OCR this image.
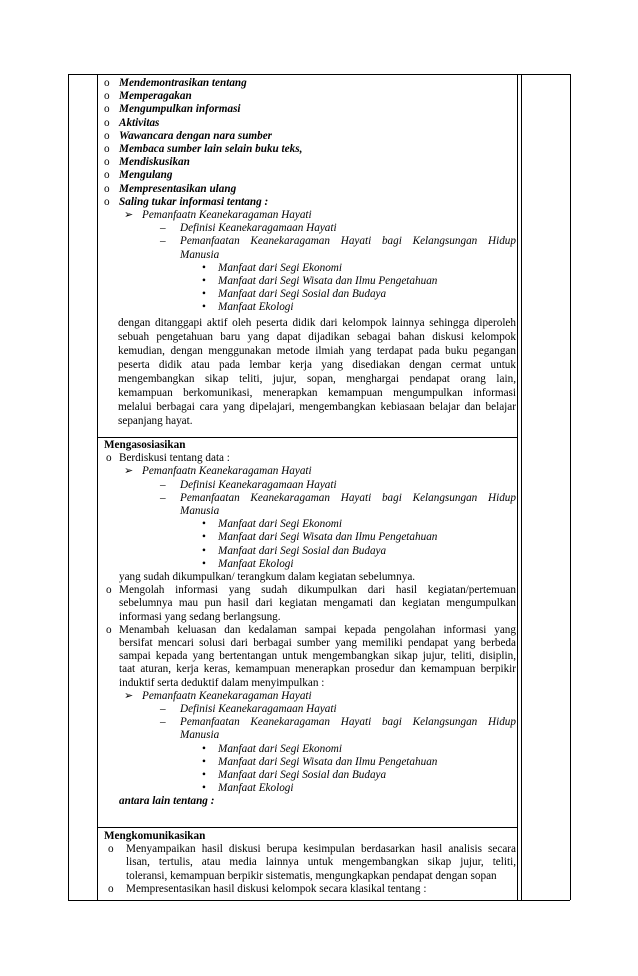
o Mendemontrasikan tentang
o Memperagakan
o Mengumpulkan informasi
o Aktivitas
o Wawancara dengan nara sumber
o Membaca sumber lain selain buku teks,
o Mendiskusikan
o Mengulang
o Mempresentasikan ulang
o Saling tukar informasi tentang :
➢ Pemanfaatn Keanekaragaman Hayati
– Definisi Keanekaragamaan Hayati
– Pemanfaatan Keanekaragaman Hayati bagi Kelangsungan Hidup
Manusia
• Manfaat dari Segi Ekonomi
• Manfaat dari Segi Wisata dan Ilmu Pengetahuan
• Manfaat dari Segi Sosial dan Budaya
• Manfaat Ekologi
dengan ditanggapi aktif oleh peserta didik dari kelompok lainnya sehingga diperoleh
sebuah pengetahuan baru yang dapat dijadikan sebagai bahan diskusi kelompok
kemudian, dengan menggunakan metode ilmiah yang terdapat pada buku pegangan
peserta didik atau pada lembar kerja yang disediakan dengan cermat untuk
mengembangkan sikap teliti, jujur, sopan, menghargai pendapat orang lain,
kemampuan berkomunikasi, menerapkan kemampuan mengumpulkan informasi
melalui berbagai cara yang dipelajari, mengembangkan kebiasaan belajar dan belajar
sepanjang hayat.
Mengasosiasikan
o Berdiskusi tentang data :
➢ Pemanfaatn Keanekaragaman Hayati
– Definisi Keanekaragamaan Hayati
– Pemanfaatan Keanekaragaman Hayati bagi Kelangsungan Hidup
Manusia
• Manfaat dari Segi Ekonomi
• Manfaat dari Segi Wisata dan Ilmu Pengetahuan
• Manfaat dari Segi Sosial dan Budaya
• Manfaat Ekologi
yang sudah dikumpulkan/ terangkum dalam kegiatan sebelumnya.
o Mengolah informasi yang sudah dikumpulkan dari hasil kegiatan/pertemuan
sebelumnya mau pun hasil dari kegiatan mengamati dan kegiatan mengumpulkan
informasi yang sedang berlangsung.
o Menambah keluasan dan kedalaman sampai kepada pengolahan informasi yang
bersifat mencari solusi dari berbagai sumber yang memiliki pendapat yang berbeda
sampai kepada yang bertentangan untuk mengembangkan sikap jujur, teliti, disiplin,
taat aturan, kerja keras, kemampuan menerapkan prosedur dan kemampuan berpikir
induktif serta deduktif dalam menyimpulkan :
➢ Pemanfaatn Keanekaragaman Hayati
– Definisi Keanekaragamaan Hayati
– Pemanfaatan Keanekaragaman Hayati bagi Kelangsungan Hidup
Manusia
• Manfaat dari Segi Ekonomi
• Manfaat dari Segi Wisata dan Ilmu Pengetahuan
• Manfaat dari Segi Sosial dan Budaya
• Manfaat Ekologi
antara lain tentang :
Mengkomunikasikan
o Menyampaikan hasil diskusi berupa kesimpulan berdasarkan hasil analisis secara
lisan, tertulis, atau media lainnya untuk mengembangkan sikap jujur, teliti,
toleransi, kemampuan berpikir sistematis, mengungkapkan pendapat dengan sopan
o Mempresentasikan hasil diskusi kelompok secara klasikal tentang :
